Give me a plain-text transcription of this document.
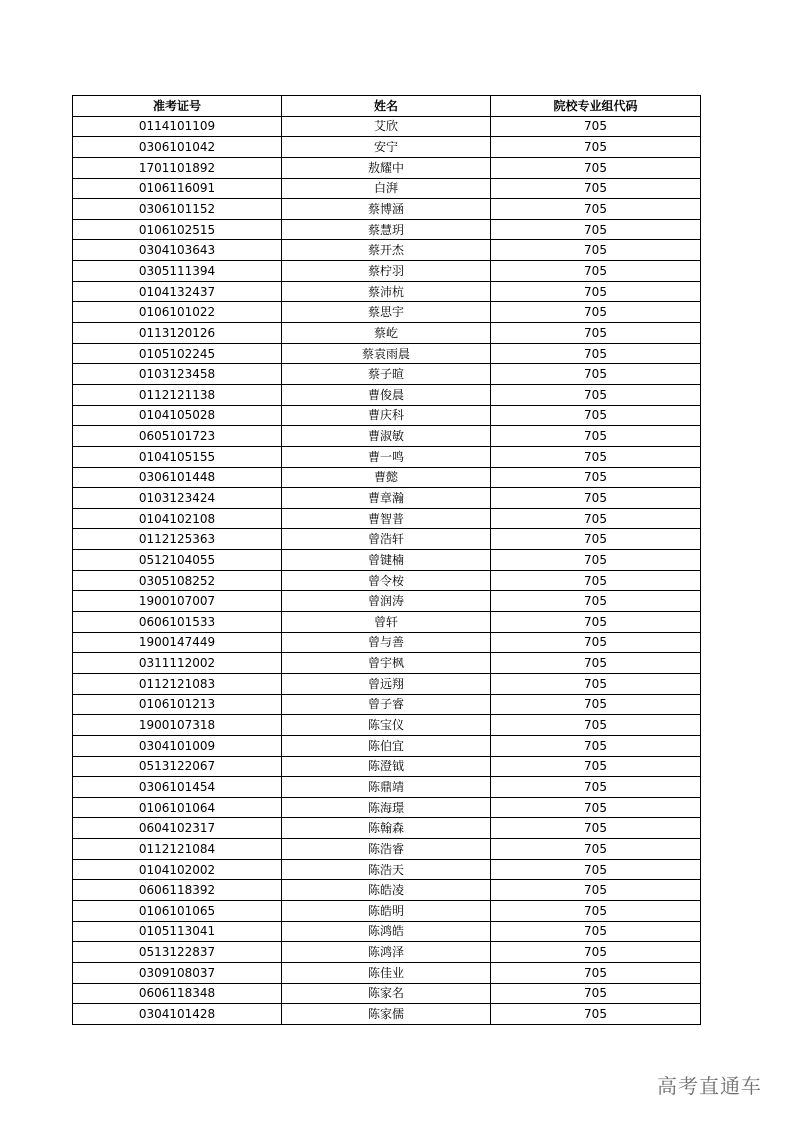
准考证号	姓名	院校专业组代码
0114101109	艾欣	705
0306101042	安宁	705
1701101892	敖耀中	705
0106116091	白湃	705
0306101152	蔡博涵	705
0106102515	蔡慧玥	705
0304103643	蔡开杰	705
0305111394	蔡柠羽	705
0104132437	蔡沛杭	705
0106101022	蔡思宇	705
0113120126	蔡屹	705
0105102245	蔡袁雨晨	705
0103123458	蔡子暄	705
0112121138	曹俊晨	705
0104105028	曹庆科	705
0605101723	曹淑敏	705
0104105155	曹一鸣	705
0306101448	曹懿	705
0103123424	曹章瀚	705
0104102108	曹智普	705
0112125363	曾浩轩	705
0512104055	曾键楠	705
0305108252	曾令桉	705
1900107007	曾润涛	705
0606101533	曾轩	705
1900147449	曾与善	705
0311112002	曾宇枫	705
0112121083	曾远翔	705
0106101213	曾子睿	705
1900107318	陈宝仪	705
0304101009	陈伯宜	705
0513122067	陈澄钺	705
0306101454	陈鼎靖	705
0106101064	陈海璟	705
0604102317	陈翰森	705
0112121084	陈浩睿	705
0104102002	陈浩天	705
0606118392	陈皓凌	705
0106101065	陈皓明	705
0105113041	陈鸿皓	705
0513122837	陈鸿泽	705
0309108037	陈佳业	705
0606118348	陈家名	705
0304101428	陈家儒	705
高考直通车
